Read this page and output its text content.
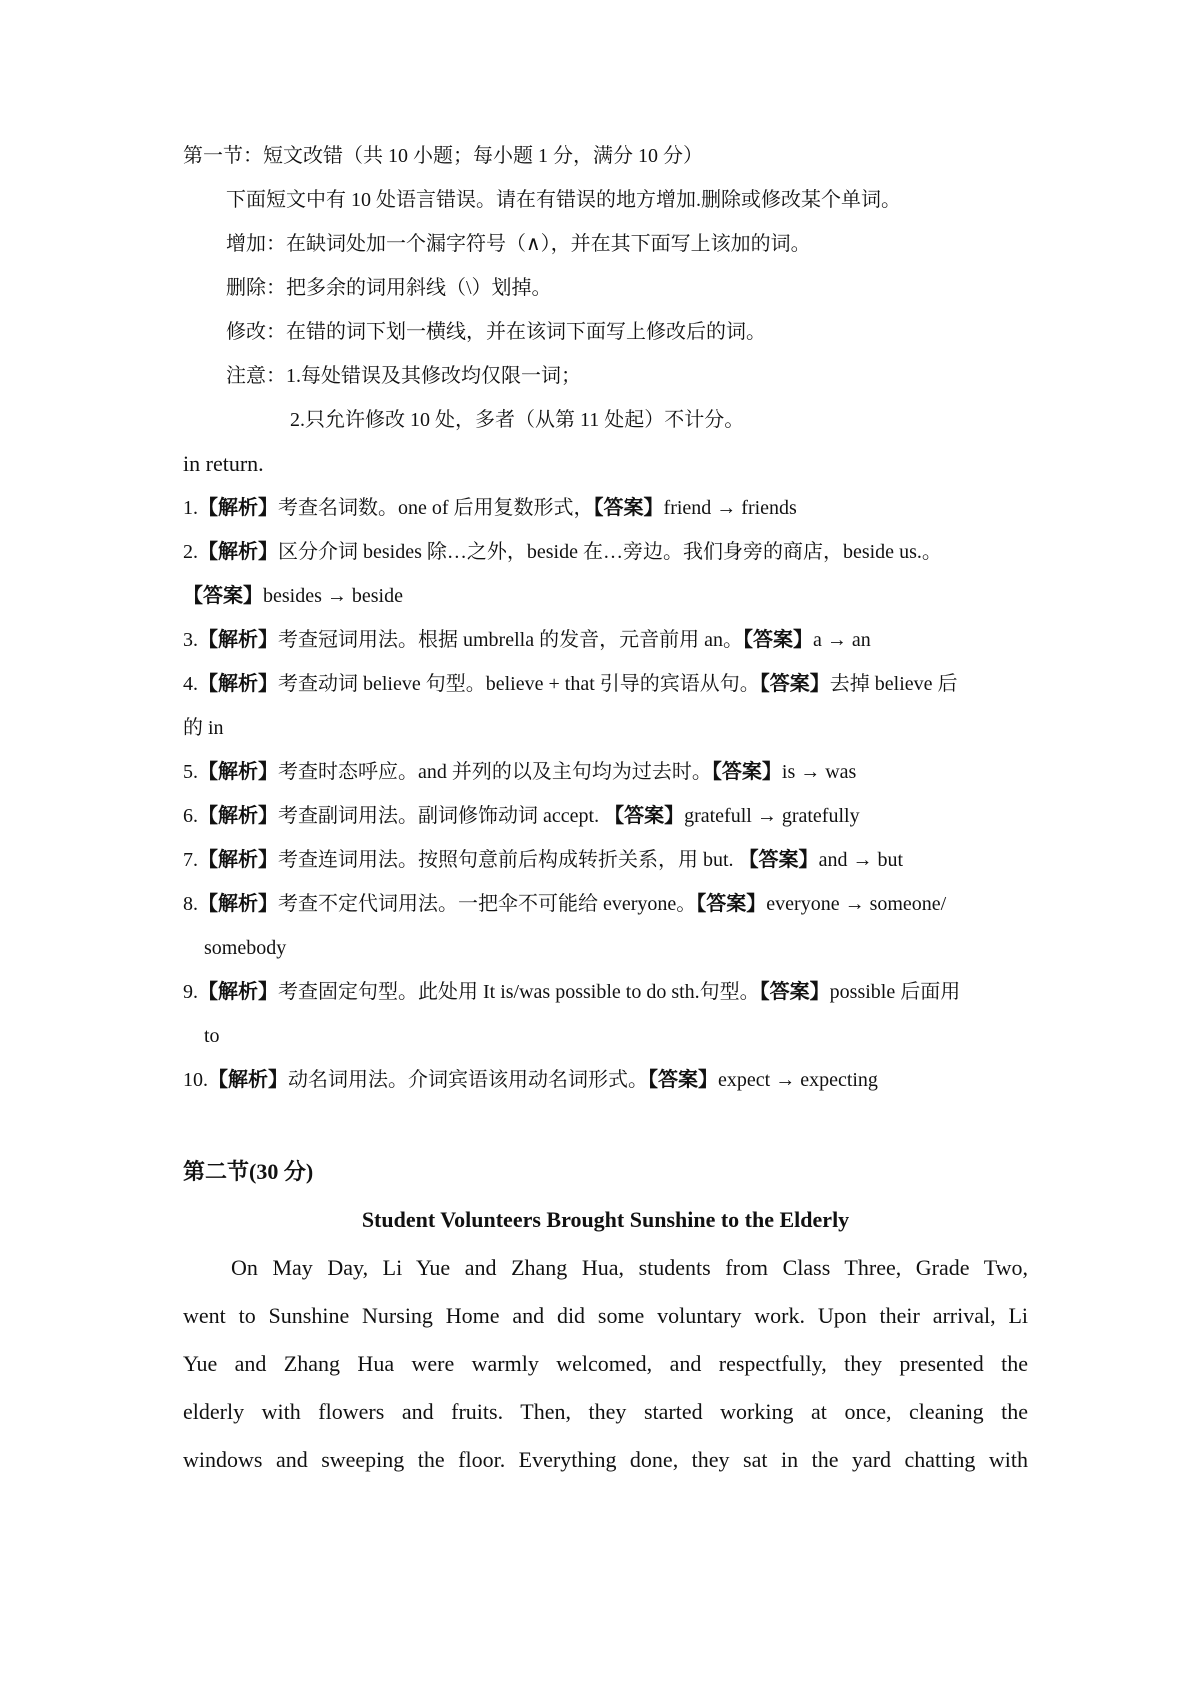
第一节：短文改错（共 10 小题；每小题 1 分，满分 10 分）
下面短文中有 10 处语言错误。请在有错误的地方增加.删除或修改某个单词。
增加：在缺词处加一个漏字符号（∧），并在其下面写上该加的词。
删除：把多余的词用斜线（\）划掉。
修改：在错的词下划一横线，并在该词下面写上修改后的词。
注意：1.每处错误及其修改均仅限一词；
2.只允许修改 10 处，多者（从第 11 处起）不计分。
in return.
1.【解析】考查名词数。one of 后用复数形式，【答案】friend → friends
2.【解析】区分介词 besides 除…之外，beside 在…旁边。我们身旁的商店，beside us.。
【答案】besides → beside
3.【解析】考查冠词用法。根据 umbrella 的发音，元音前用 an。【答案】a → an
4.【解析】考查动词 believe 句型。believe + that 引导的宾语从句。【答案】去掉 believe 后
的 in
5.【解析】考查时态呼应。and 并列的以及主句均为过去时。【答案】is → was
6.【解析】考查副词用法。副词修饰动词 accept. 【答案】gratefull → gratefully
7.【解析】考查连词用法。按照句意前后构成转折关系，用 but. 【答案】and → but
8.【解析】考查不定代词用法。一把伞不可能给 everyone。【答案】everyone → someone/
somebody
9.【解析】考查固定句型。此处用 It is/was possible to do sth.句型。【答案】possible 后面用
to
10.【解析】动名词用法。介词宾语该用动名词形式。【答案】expect → expecting
第二节(30 分)
Student Volunteers Brought Sunshine to the Elderly
On May Day, Li Yue and Zhang Hua, students from Class Three, Grade Two,
went to Sunshine Nursing Home and did some voluntary work. Upon their arrival, Li
Yue and Zhang Hua were warmly welcomed, and respectfully, they presented the
elderly with flowers and fruits. Then, they started working at once, cleaning the
windows and sweeping the floor. Everything done, they sat in the yard chatting with
